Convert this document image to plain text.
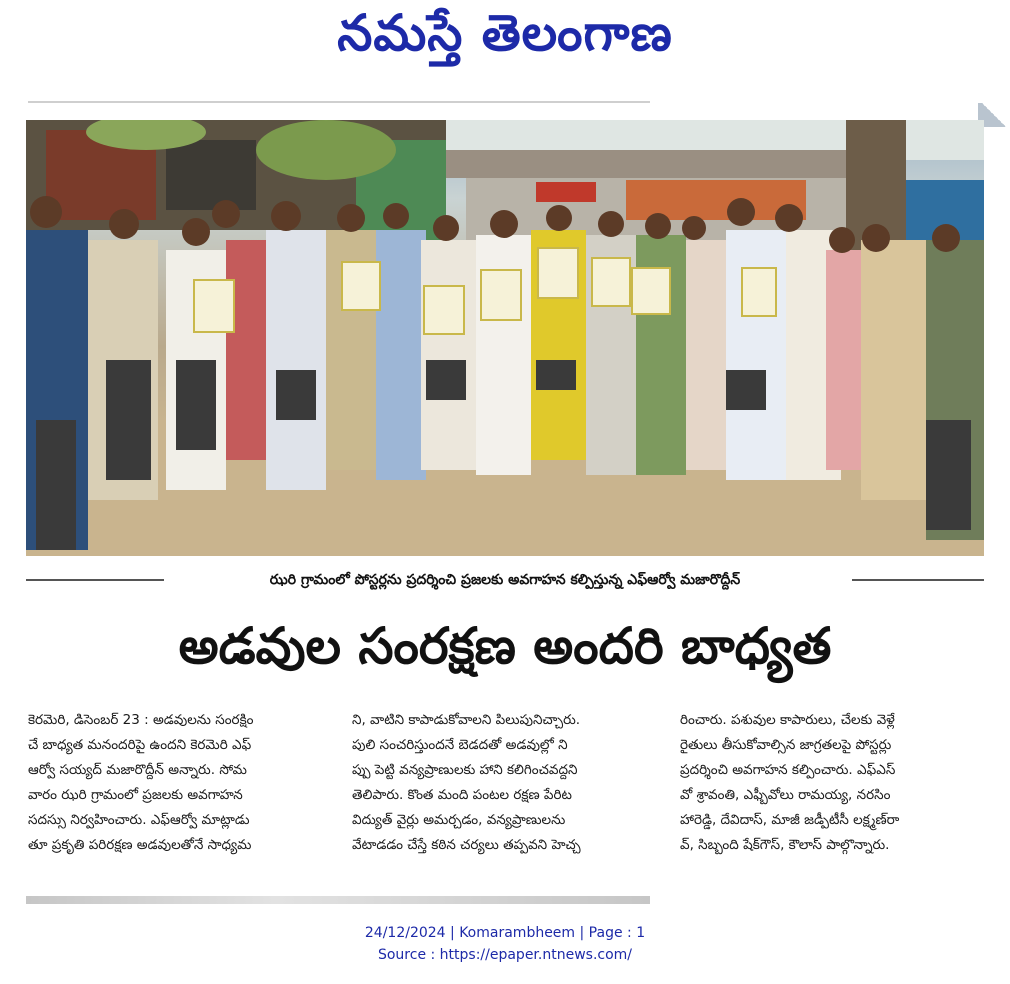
నమస్తే తెలంగాణ
ఝరి గ్రామంలో పోస్టర్లను ప్రదర్శించి ప్రజలకు అవగాహన కల్పిస్తున్న ఎఫ్ఆర్వో మజారొద్దీన్
అడవుల సంరక్షణ అందరి బాధ్యత

కెరమెరి, డిసెంబర్ 23 : అడవులను సంరక్షిం

చే బాధ్యత మనందరిపై ఉందని కెరమెరి ఎఫ్

ఆర్వో సయ్యద్ మజారొద్దీన్ అన్నారు. సోమ

వారం ఝరి గ్రామంలో ప్రజలకు అవగాహన

సదస్సు నిర్వహించారు. ఎఫ్ఆర్వో మాట్లాడు

తూ ప్రకృతి పరిరక్షణ అడవులతోనే సాధ్యమ

ని, వాటిని కాపాడుకోవాలని పిలుపునిచ్చారు.

పులి సంచరిస్తుందనే బెడదతో అడవుల్లో ని

ప్పు పెట్టి వన్యప్రాణులకు హాని కలిగించవద్దని

తెలిపారు. కొంత మంది పంటల రక్షణ పేరిట

విద్యుత్ వైర్లు అమర్చడం, వన్యప్రాణులను

వేటాడడం చేస్తే కఠిన చర్యలు తప్పవని హెచ్చ

రించారు. పశువుల కాపారులు, చేలకు వెళ్లే

రైతులు తీసుకోవాల్సిన జాగ్రతలపై పోస్టర్లు

ప్రదర్శించి అవగాహన కల్పించారు. ఎఫ్ఎస్

వో శ్రావంతి, ఎఫ్బీవోలు రామయ్య, నరసిం

హారెడ్డి, దేవిదాస్, మాజీ జడ్పీటీసీ లక్ష్మణ్‌రా

వ్, సిబ్బంది షేక్‌గౌస్, కౌలాస్ పాల్గొన్నారు.

24/12/2024 | Komarambheem | Page : 1
Source : https://epaper.ntnews.com/
